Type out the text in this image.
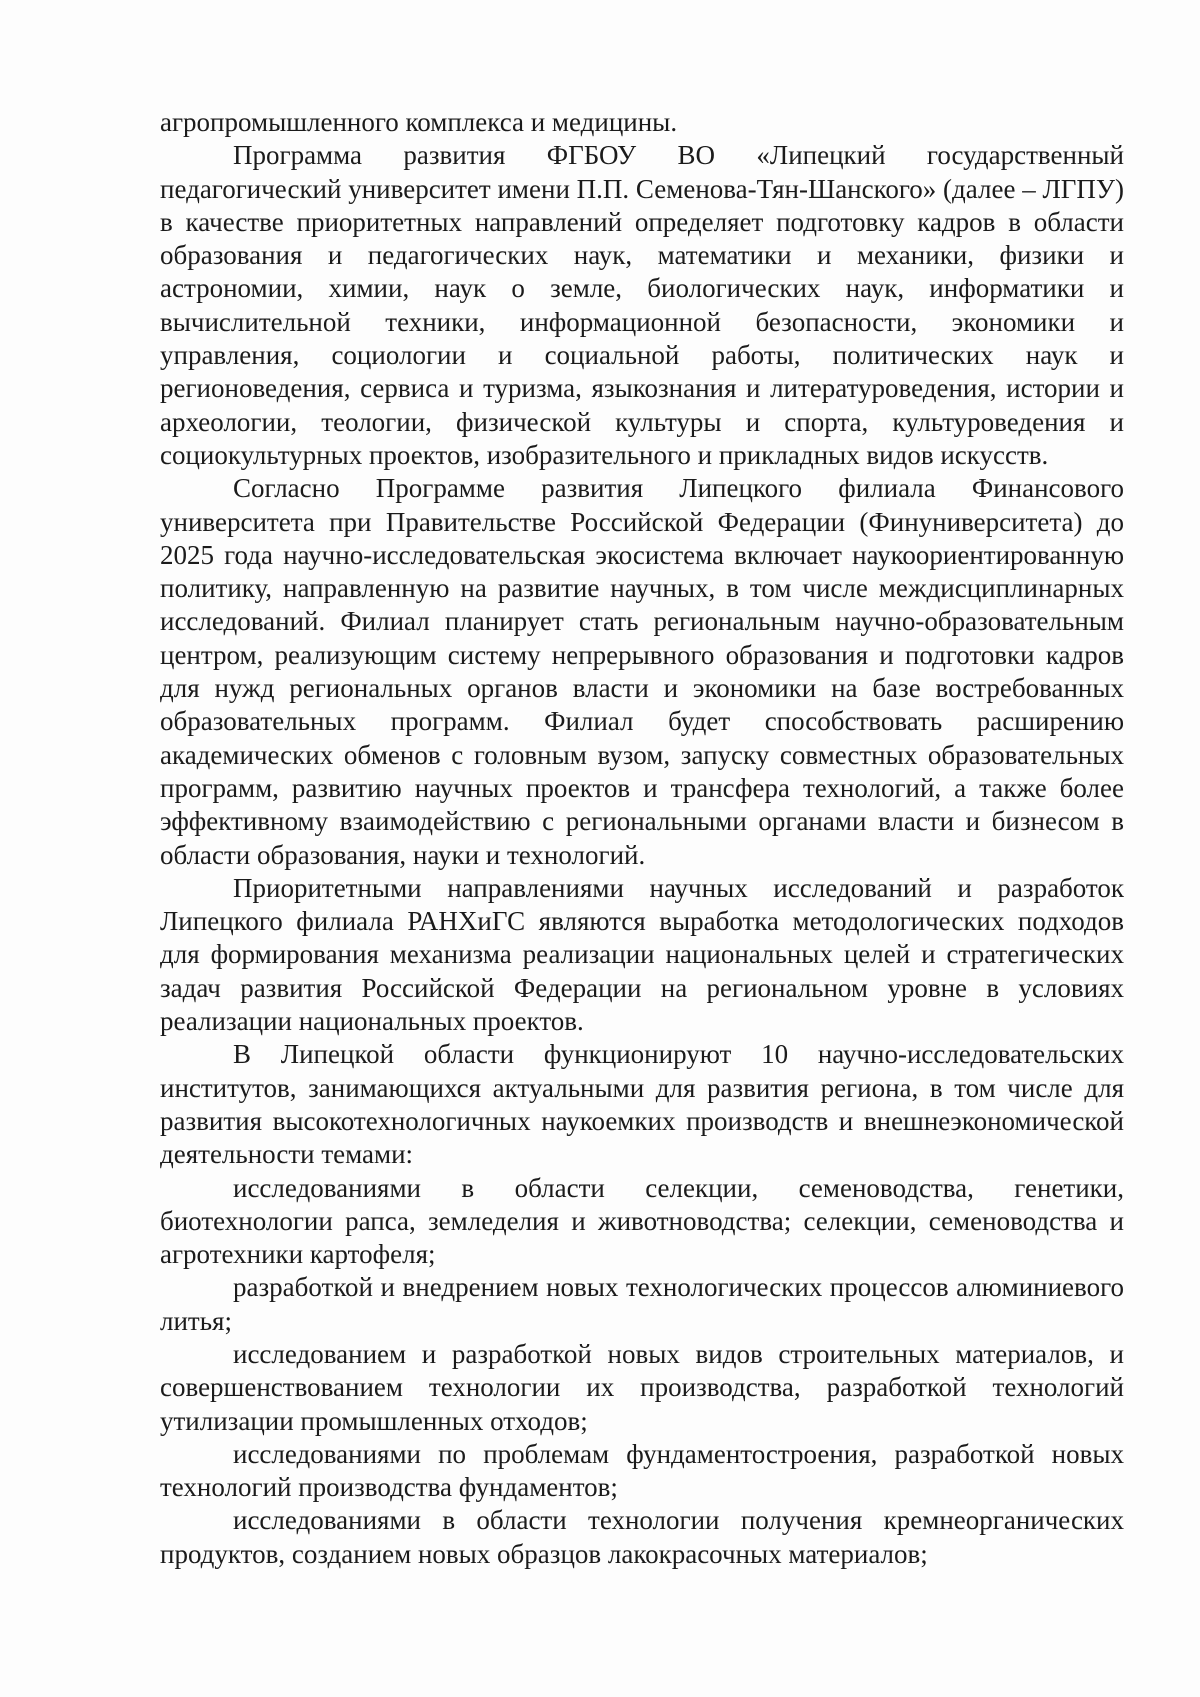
агропромышленного комплекса и медицины.

Программа развития ФГБОУ ВО «Липецкий государственный педагогический университет имени П.П. Семенова-Тян-Шанского» (далее – ЛГПУ) в качестве приоритетных направлений определяет подготовку кадров в области образования и педагогических наук, математики и механики, физики и астрономии, химии, наук о земле, биологических наук, информатики и вычислительной техники, информационной безопасности, экономики и управления, социологии и социальной работы, политических наук и регионоведения, сервиса и туризма, языкознания и литературоведения, истории и археологии, теологии, физической культуры и спорта, культуроведения и социокультурных проектов, изобразительного и прикладных видов искусств.

Согласно Программе развития Липецкого филиала Финансового университета при Правительстве Российской Федерации (Финуниверситета) до 2025 года научно-исследовательская экосистема включает наукоориентированную политику, направленную на развитие научных, в том числе междисциплинарных исследований. Филиал планирует стать региональным научно-образовательным центром, реализующим систему непрерывного образования и подготовки кадров для нужд региональных органов власти и экономики на базе востребованных образовательных программ. Филиал будет способствовать расширению академических обменов с головным вузом, запуску совместных образовательных программ, развитию научных проектов и трансфера технологий, а также более эффективному взаимодействию с региональными органами власти и бизнесом в области образования, науки и технологий.

Приоритетными направлениями научных исследований и разработок Липецкого филиала РАНХиГС являются выработка методологических подходов для формирования механизма реализации национальных целей и стратегических задач развития Российской Федерации на региональном уровне в условиях реализации национальных проектов.

В Липецкой области функционируют 10 научно-исследовательских институтов, занимающихся актуальными для развития региона, в том числе для развития высокотехнологичных наукоемких производств и внешнеэкономической деятельности темами:

исследованиями в области селекции, семеноводства, генетики, биотехнологии рапса, земледелия и животноводства; селекции, семеноводства и агротехники картофеля;

разработкой и внедрением новых технологических процессов алюминиевого литья;

исследованием и разработкой новых видов строительных материалов, и совершенствованием технологии их производства, разработкой технологий утилизации промышленных отходов;

исследованиями по проблемам фундаментостроения, разработкой новых технологий производства фундаментов;

исследованиями в области технологии получения кремнеорганических продуктов, созданием новых образцов лакокрасочных материалов;
